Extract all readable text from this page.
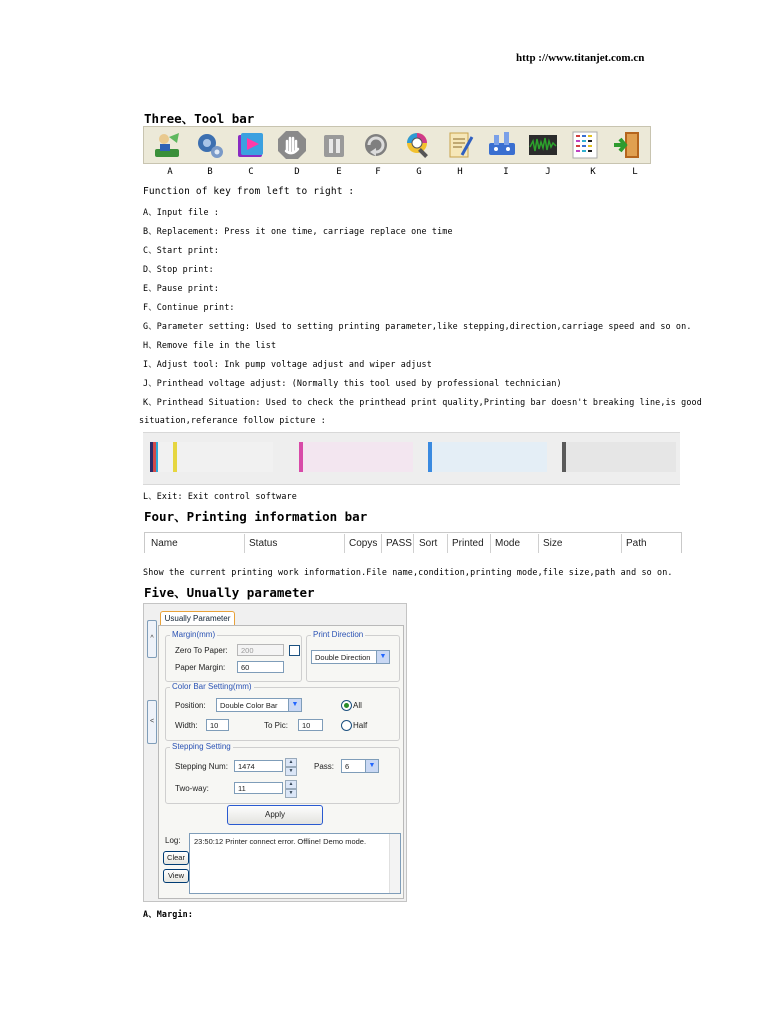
http ://www.titanjet.com.cn
Three、Tool bar
A	B	C	D	E	F	G	H	I	J	K	L
Function of key from left to right :
A、Input file :
B、Replacement: Press it one time, carriage replace one time
C、Start print:
D、Stop print:
E、Pause print:
F、Continue print:
G、Parameter setting: Used to setting printing parameter,like stepping,direction,carriage speed and so on.
H、Remove file in the list
I、Adjust tool: Ink pump voltage adjust and wiper adjust
J、Printhead voltage adjust: (Normally this tool used by professional technician)
K、Printhead Situation: Used to check the printhead print quality,Printing bar doesn't breaking line,is good
situation,referance follow picture :
L、Exit: Exit control software
Four、Printing information bar
Name	Status	Copys PASS Sort Printed Mode Size	Path
Show the current printing work information.File name,condition,printing mode,file size,path and so on.
Five、Unually parameter
^
<
Usually Parameter
Margin(mm)
Zero To Paper:	200
Paper Margin:	60
Print Direction
Double Direction	▼
Color Bar Setting(mm)
Position:	Double Color Bar	▼	All
Width:	10	To Pic:	10	Half
Stepping Setting
Stepping Num:	1474	▲
▼	Pass:	6	▼
Two-way:	11	▲
▼
Apply
Log:
Clear
View
23:50:12 Printer connect error. Offline! Demo mode.
A、Margin:
